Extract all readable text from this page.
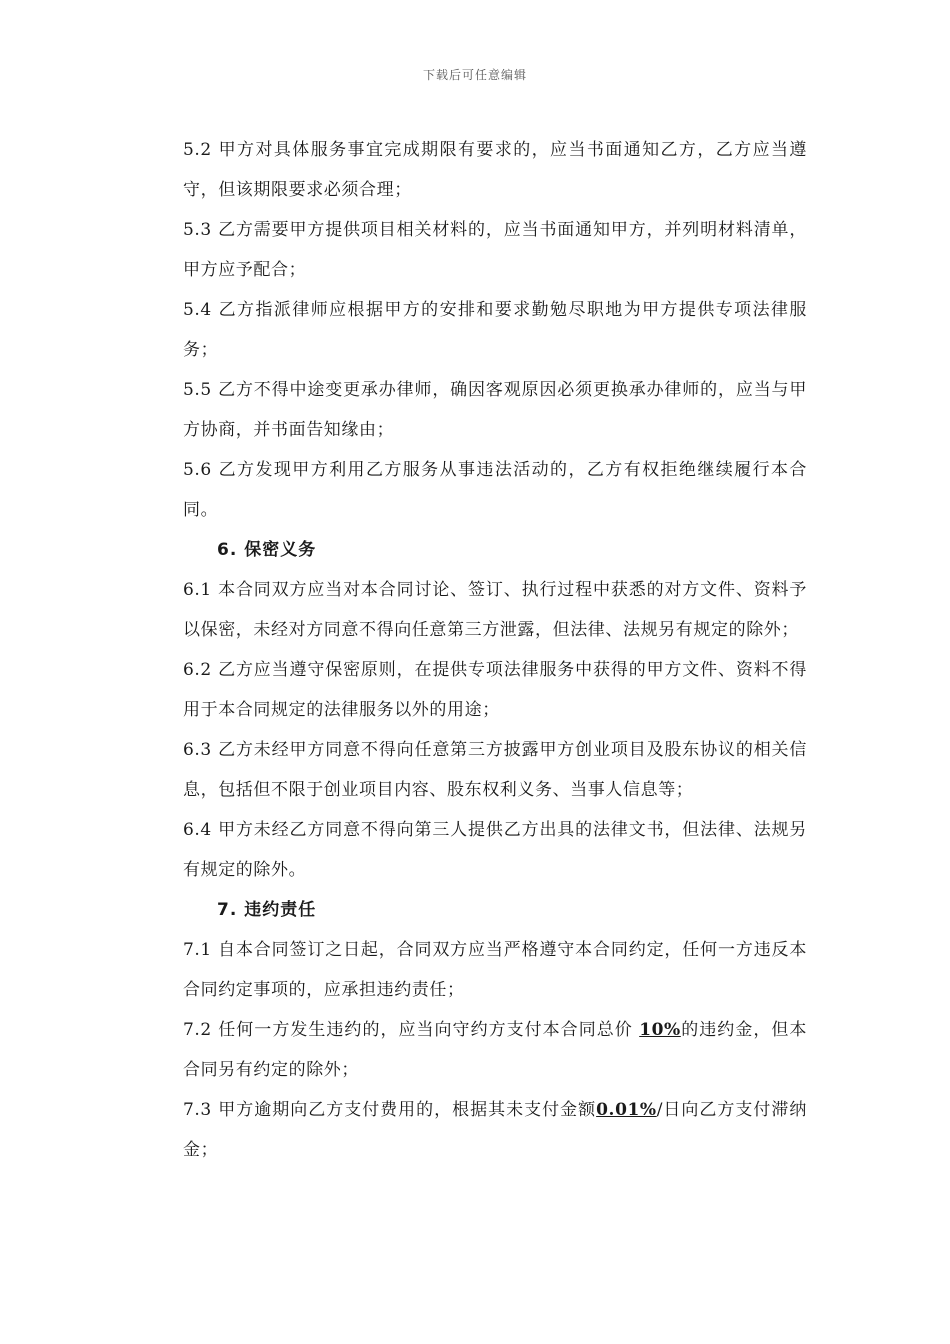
下载后可任意编辑

5.2 甲方对具体服务事宜完成期限有要求的，应当书面通知乙方，乙方应当遵守，但该期限要求必须合理；

5.3 乙方需要甲方提供项目相关材料的，应当书面通知甲方，并列明材料清单，甲方应予配合；

5.4 乙方指派律师应根据甲方的安排和要求勤勉尽职地为甲方提供专项法律服务；

5.5 乙方不得中途变更承办律师，确因客观原因必须更换承办律师的，应当与甲方协商，并书面告知缘由；

5.6 乙方发现甲方利用乙方服务从事违法活动的，乙方有权拒绝继续履行本合同。

6. 保密义务

6.1 本合同双方应当对本合同讨论、签订、执行过程中获悉的对方文件、资料予以保密，未经对方同意不得向任意第三方泄露，但法律、法规另有规定的除外；

6.2 乙方应当遵守保密原则，在提供专项法律服务中获得的甲方文件、资料不得用于本合同规定的法律服务以外的用途；

6.3 乙方未经甲方同意不得向任意第三方披露甲方创业项目及股东协议的相关信息，包括但不限于创业项目内容、股东权利义务、当事人信息等；

6.4 甲方未经乙方同意不得向第三人提供乙方出具的法律文书，但法律、法规另有规定的除外。

7. 违约责任

7.1 自本合同签订之日起，合同双方应当严格遵守本合同约定，任何一方违反本合同约定事项的，应承担违约责任；

7.2 任何一方发生违约的，应当向守约方支付本合同总价 10%的违约金，但本合同另有约定的除外；

7.3 甲方逾期向乙方支付费用的，根据其未支付金额0.01%/日向乙方支付滞纳金；
